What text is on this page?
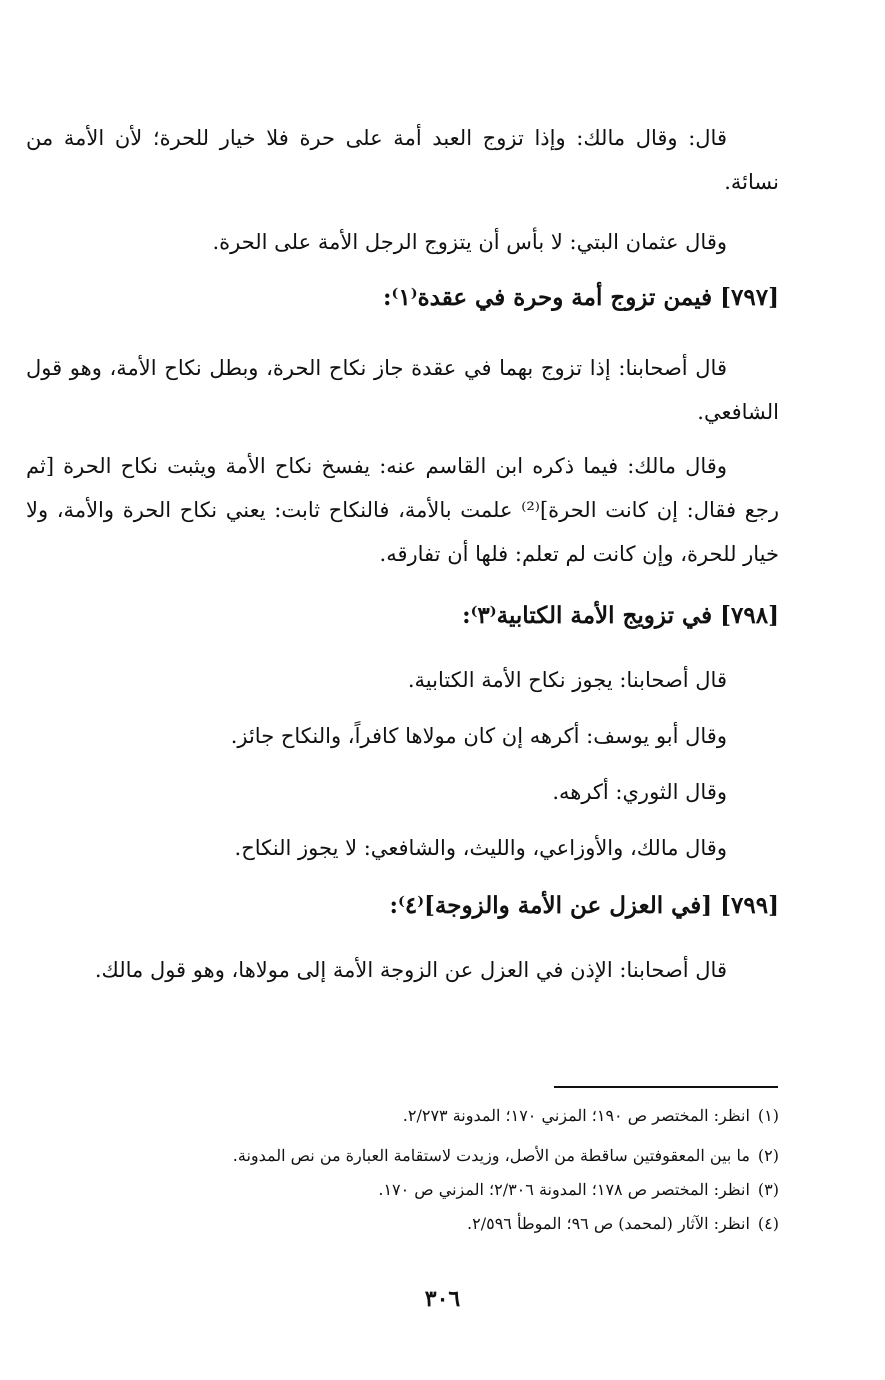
قال: وقال مالك: وإذا تزوج العبد أمة على حرة فلا خيار للحرة؛ لأن الأمة من نسائة.

وقال عثمان البتي: لا بأس أن يتزوج الرجل الأمة على الحرة.

[٧٩٧] فيمن تزوج أمة وحرة في عقدة⁽١⁾:

قال أصحابنا: إذا تزوج بهما في عقدة جاز نكاح الحرة، وبطل نكاح الأمة، وهو قول الشافعي.

وقال مالك: فيما ذكره ابن القاسم عنه: يفسخ نكاح الأمة ويثبت نكاح الحرة [ثم رجع فقال: إن كانت الحرة]⁽²⁾ علمت بالأمة، فالنكاح ثابت: يعني نكاح الحرة والأمة، ولا خيار للحرة، وإن كانت لم تعلم: فلها أن تفارقه.

[٧٩٨] في تزويج الأمة الكتابية⁽٣⁾:

قال أصحابنا: يجوز نكاح الأمة الكتابية.

وقال أبو يوسف: أكرهه إن كان مولاها كافراً، والنكاح جائز.

وقال الثوري: أكرهه.

وقال مالك، والأوزاعي، والليث، والشافعي: لا يجوز النكاح.

[٧٩٩] [في العزل عن الأمة والزوجة]⁽٤⁾:

قال أصحابنا: الإذن في العزل عن الزوجة الأمة إلى مولاها، وهو قول مالك.

(١)انظر: المختصر ص ١٩٠؛ المزني ١٧٠؛ المدونة ٢/٢٧٣.

(٢)ما بين المعقوفتين ساقطة من الأصل، وزيدت لاستقامة العبارة من نص المدونة.

(٣)انظر: المختصر ص ١٧٨؛ المدونة ٢/٣٠٦؛ المزني ص ١٧٠.

(٤)انظر: الآثار (لمحمد) ص ٩٦؛ الموطأ ٢/٥٩٦.

٣٠٦
